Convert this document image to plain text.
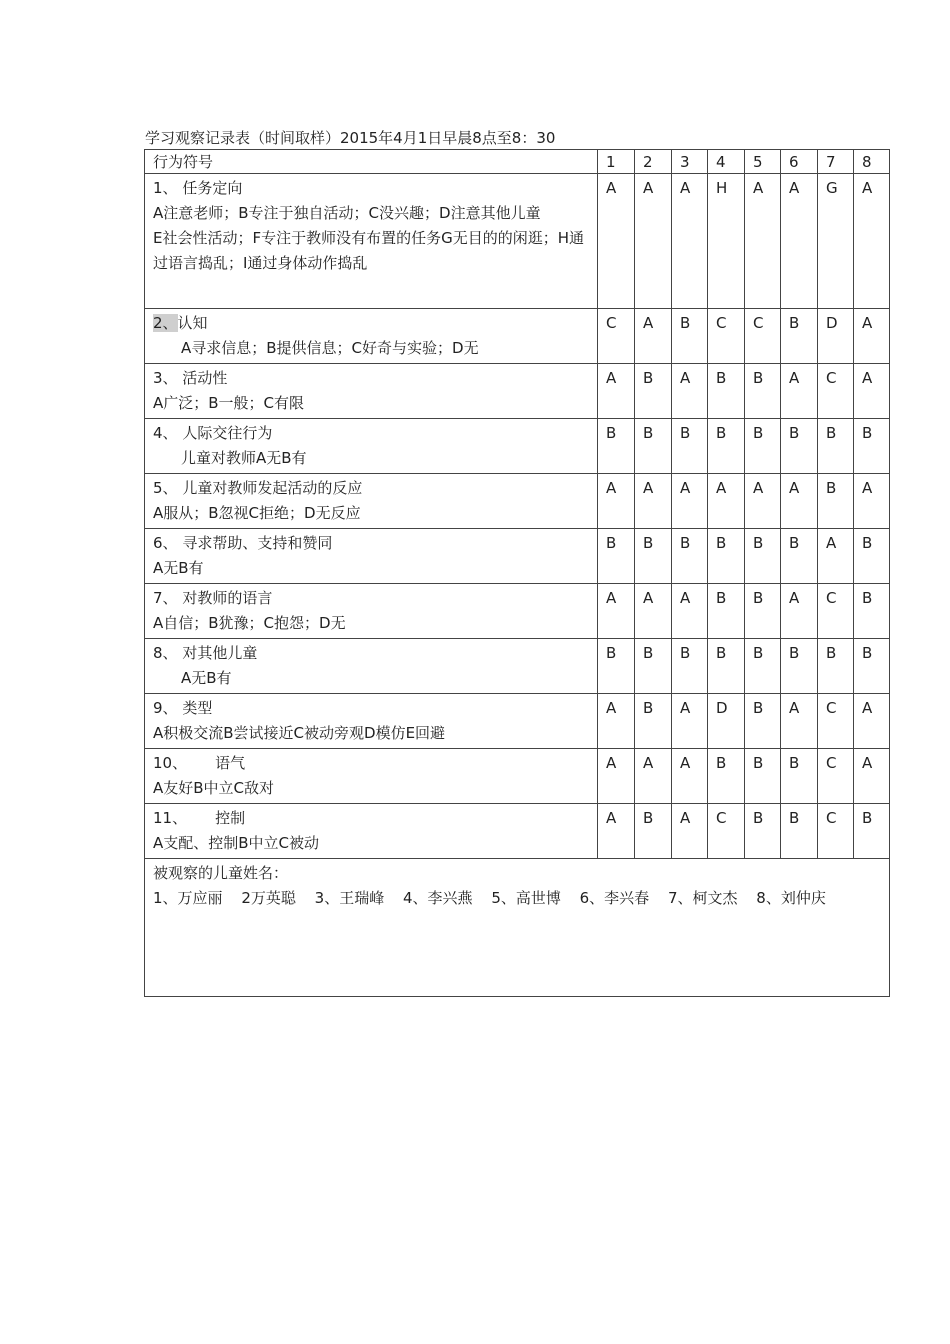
学习观察记录表（时间取样）2015年4月1日早晨8点至8：30
行为符号	1	2	3	4	5	6	7	8

1、 任务定向
A注意老师；B专注于独自活动；C没兴趣；D注意其他儿童
E社会性活动；F专注于教师没有布置的任务G无目的的闲逛；H通过语言捣乱；I通过身体动作捣乱	A	A	A	H	A	A	G	A

2、认知
A寻求信息；B提供信息；C好奇与实验；D无	C	A	B	C	C	B	D	A

3、 活动性
A广泛；B一般；C有限	A	B	A	B	B	A	C	A

4、 人际交往行为
儿童对教师A无B有	B	B	B	B	B	B	B	B

5、 儿童对教师发起活动的反应
A服从；B忽视C拒绝；D无反应	A	A	A	A	A	A	B	A

6、 寻求帮助、支持和赞同
A无B有	B	B	B	B	B	B	A	B

7、 对教师的语言
A自信；B犹豫；C抱怨；D无	A	A	A	B	B	A	C	B

8、 对其他儿童
A无B有	B	B	B	B	B	B	B	B

9、 类型
A积极交流B尝试接近C被动旁观D模仿E回避	A	B	A	D	B	A	C	A

10、 语气
A友好B中立C敌对	A	A	A	B	B	B	C	A

11、 控制
A支配、控制B中立C被动	A	B	A	C	B	B	C	B

被观察的儿童姓名：
1、万应丽 2万英聪 3、王瑞峰 4、李兴燕 5、高世博 6、李兴春 7、柯文杰 8、刘仲庆								
